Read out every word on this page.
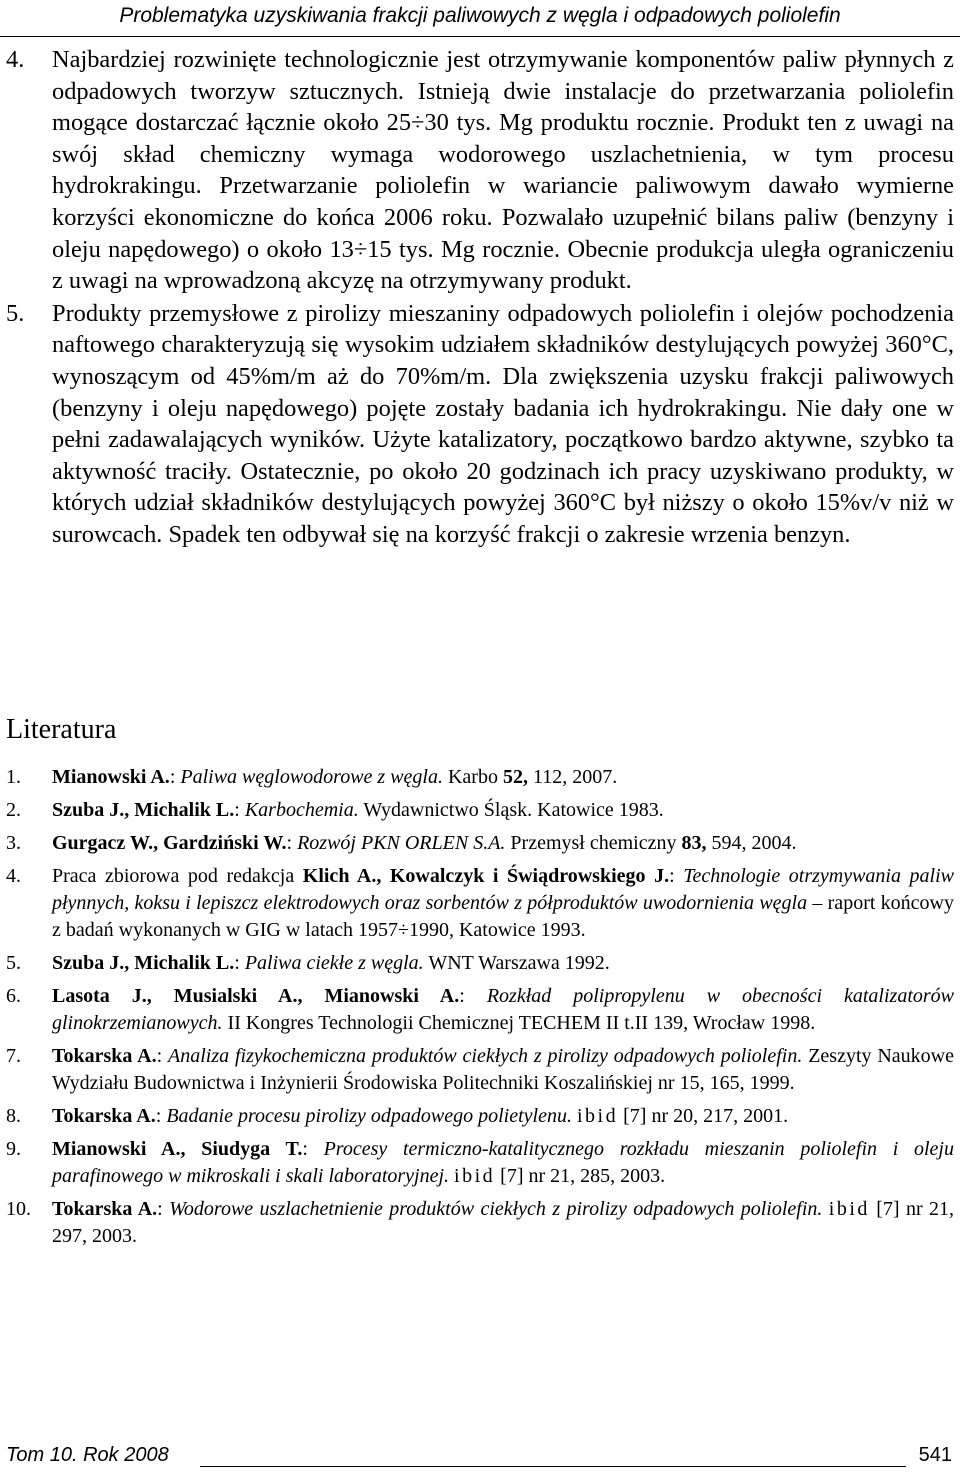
Problematyka uzyskiwania frakcji paliwowych z węgla i odpadowych poliolefin
4. Najbardziej rozwinięte technologicznie jest otrzymywanie komponentów paliw płynnych z odpadowych tworzyw sztucznych. Istnieją dwie instalacje do przetwarzania poliolefin mogące dostarczać łącznie około 25÷30 tys. Mg produktu rocznie. Produkt ten z uwagi na swój skład chemiczny wymaga wodorowego uszlachetnienia, w tym procesu hydrokrakingu. Przetwarzanie poliolefin w wariancie paliwowym dawało wymierne korzyści ekonomiczne do końca 2006 roku. Pozwalało uzupełnić bilans paliw (benzyny i oleju napędowego) o około 13÷15 tys. Mg rocznie. Obecnie produkcja uległa ograniczeniu z uwagi na wprowadzoną akcyzę na otrzymywany produkt.
5. Produkty przemysłowe z pirolizy mieszaniny odpadowych poliolefin i olejów pochodzenia naftowego charakteryzują się wysokim udziałem składników destylujących powyżej 360°C, wynoszącym od 45%m/m aż do 70%m/m. Dla zwiększenia uzysku frakcji paliwowych (benzyny i oleju napędowego) pojęte zostały badania ich hydrokrakingu. Nie dały one w pełni zadawalających wyników. Użyte katalizatory, początkowo bardzo aktywne, szybko ta aktywność traciły. Ostatecznie, po około 20 godzinach ich pracy uzyskiwano produkty, w których udział składników destylujących powyżej 360°C był niższy o około 15%v/v niż w surowcach. Spadek ten odbywał się na korzyść frakcji o zakresie wrzenia benzyn.
Literatura
1. Mianowski A.: Paliwa węglowodorowe z węgla. Karbo 52, 112, 2007.
2. Szuba J., Michalik L.: Karbochemia. Wydawnictwo Śląsk. Katowice 1983.
3. Gurgacz W., Gardziński W.: Rozwój PKN ORLEN S.A. Przemysł chemiczny 83, 594, 2004.
4. Praca zbiorowa pod redakcja Klich A., Kowalczyk i Świądrowskiego J.: Technologie otrzymywania paliw płynnych, koksu i lepiszcz elektrodowych oraz sorbentów z półproduktów uwodornienia węgla – raport końcowy z badań wykonanych w GIG w latach 1957÷1990, Katowice 1993.
5. Szuba J., Michalik L.: Paliwa ciekłe z węgla. WNT Warszawa 1992.
6. Lasota J., Musialski A., Mianowski A.: Rozkład polipropylenu w obecności katalizatorów glinokrzemianowych. II Kongres Technologii Chemicznej TECHEM II t.II 139, Wrocław 1998.
7. Tokarska A.: Analiza fizykochemiczna produktów ciekłych z pirolizy odpadowych poliolefin. Zeszyty Naukowe Wydziału Budownictwa i Inżynierii Środowiska Politechniki Koszalińskiej nr 15, 165, 1999.
8. Tokarska A.: Badanie procesu pirolizy odpadowego polietylenu. ibid [7] nr 20, 217, 2001.
9. Mianowski A., Siudyga T.: Procesy termiczno-katalitycznego rozkładu mieszanin poliolefin i oleju parafinowego w mikroskali i skali laboratoryjnej. ibid [7] nr 21, 285, 2003.
10. Tokarska A.: Wodorowe uszlachetnienie produktów ciekłych z pirolizy odpadowych poliolefin. ibid [7] nr 21, 297, 2003.
Tom 10. Rok 2008	541
